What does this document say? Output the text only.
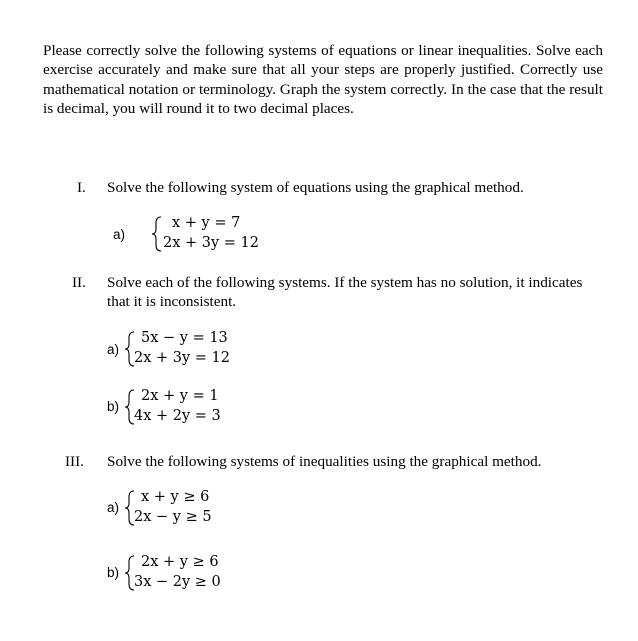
Please correctly solve the following systems of equations or linear inequalities. Solve each exercise accurately and make sure that all your steps are properly justified. Correctly use mathematical notation or terminology. Graph the system correctly. In the case that the result is decimal, you will round it to two decimal places.

I. Solve the following system of equations using the graphical method.

a)
x + y = 7
2x + 3y = 12
II. Solve each of the following systems. If the system has no solution, it indicates that it is inconsistent.

a)
5x − y = 13
2x + 3y = 12
b)
2x + y = 1
4x + 2y = 3
III. Solve the following systems of inequalities using the graphical method.

a)
x + y ≥ 6
2x − y ≥ 5
b)
2x + y ≥ 6
3x − 2y ≥ 0
